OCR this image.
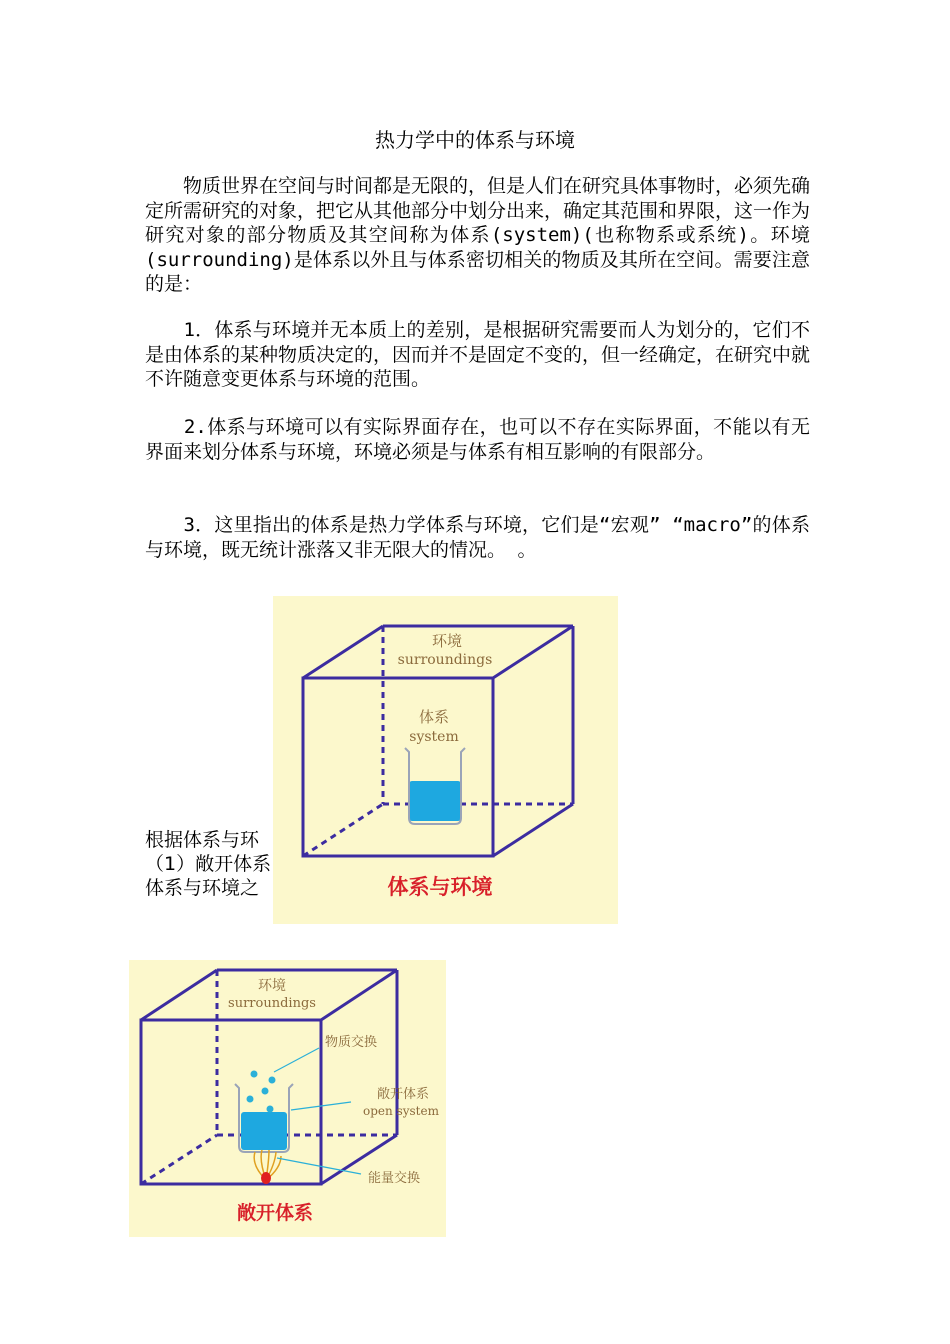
热力学中的体系与环境

　　物质世界在空间与时间都是无限的，但是人们在研究具体事物时，必须先确定所需研究的对象，把它从其他部分中划分出来，确定其范围和界限，这一作为研究对象的部分物质及其空间称为体系(system)(也称物系或系统)。环境(surrounding)是体系以外且与体系密切相关的物质及其所在空间。需要注意的是：

　　1．体系与环境并无本质上的差别，是根据研究需要而人为划分的，它们不是由体系的某种物质决定的，因而并不是固定不变的，但一经确定，在研究中就不许随意变更体系与环境的范围。

　　2.体系与环境可以有实际界面存在，也可以不存在实际界面，不能以有无界面来划分体系与环境，环境必须是与体系有相互影响的有限部分。

　　3．这里指出的体系是热力学体系与环境，它们是“宏观” “macro”的体系与环境，既无统计涨落又非无限大的情况。 。

根据体系与环
（1）敞开体系
体系与环境之
环境
surroundings
体系
system
体系与环境
环境
surroundings
物质交换
敞开体系
open system
能量交换
敞开体系
